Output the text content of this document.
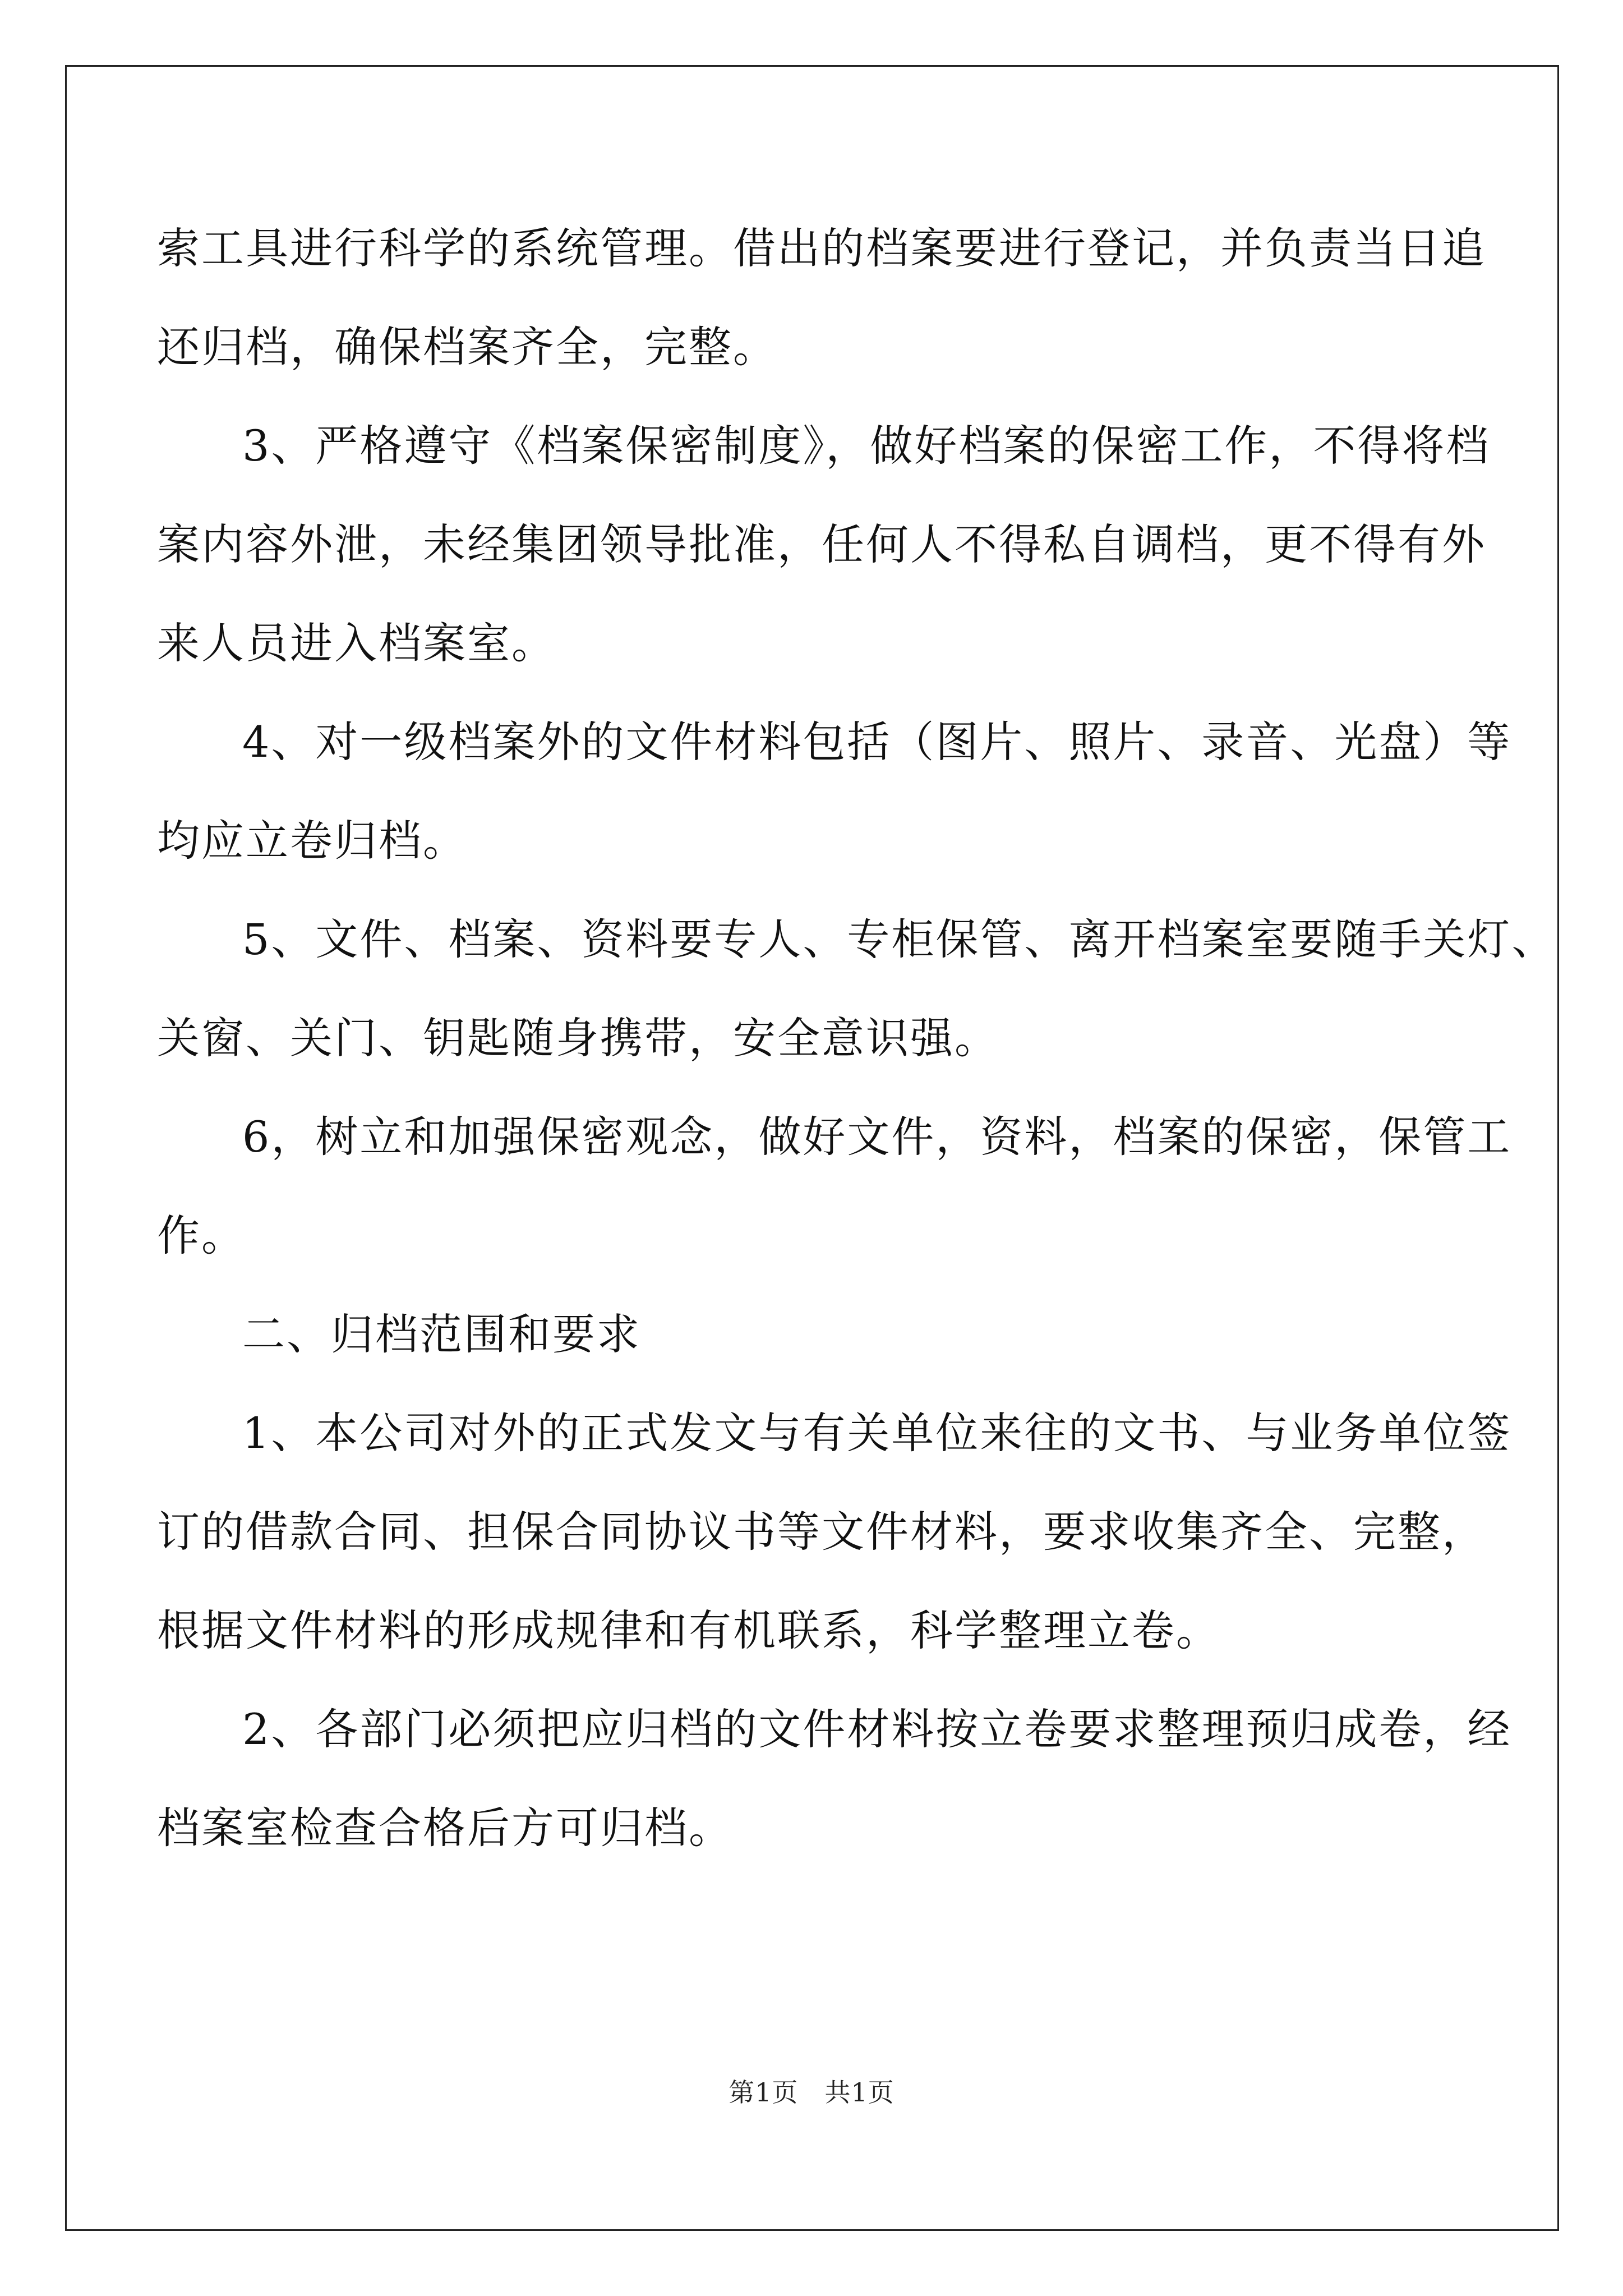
索工具进行科学的系统管理。借出的档案要进行登记，并负责当日追
还归档，确保档案齐全，完整。
3、严格遵守《档案保密制度》，做好档案的保密工作，不得将档
案内容外泄，未经集团领导批准，任何人不得私自调档，更不得有外
来人员进入档案室。
4、对一级档案外的文件材料包括（图片、照片、录音、光盘）等
均应立卷归档。
5、文件、档案、资料要专人、专柜保管、离开档案室要随手关灯、
关窗、关门、钥匙随身携带，安全意识强。
6，树立和加强保密观念，做好文件，资料，档案的保密，保管工
作。
二、归档范围和要求
1、本公司对外的正式发文与有关单位来往的文书、与业务单位签
订的借款合同、担保合同协议书等文件材料，要求收集齐全、完整，
根据文件材料的形成规律和有机联系，科学整理立卷。
2、各部门必须把应归档的文件材料按立卷要求整理预归成卷，经
档案室检查合格后方可归档。
第1页　共1页
